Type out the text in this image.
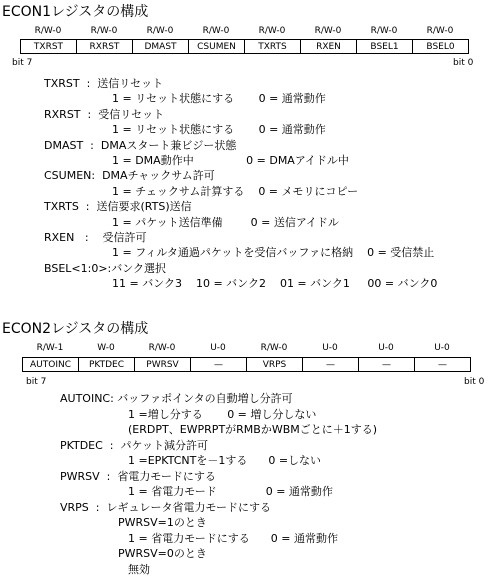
ECON1レジスタの構成
R/W-0	R/W-0	R/W-0	R/W-0	R/W-0	R/W-0	R/W-0	R/W-0
TXRST	RXRST	DMAST	CSUMEN	TXRTS	RXEN	BSEL1	BSEL0
bit 7	bit 0
TXRST  :  送信リセット
1 = リセット状態にする       0 = 通常動作
RXRST  :  受信リセット
1 = リセット状態にする       0 = 通常動作
DMAST  :  DMAスタート兼ビジー状態
1 = DMA動作中               0 = DMAアイドル中
CSUMEN:  DMAチャックサム許可
1 = チェックサム計算する    0 = メモリにコピー
TXRTS  :  送信要求(RTS)送信
1 = パケット送信準備        0 = 送信アイドル
RXEN   :    受信許可
1 = フィルタ通過パケットを受信バッファに格納    0 = 受信禁止
BSEL<1:0>:バンク選択
11 = バンク3    10 = バンク2    01 = バンク1     00 = バンク0
ECON2レジスタの構成
R/W-1	W-0	R/W-0	U-0	R/W-0	U-0	U-0	U-0
AUTOINC	PKTDEC	PWRSV	—	VRPS	—	—	—
bit 7	bit 0
AUTOINC: バッファポインタの自動増し分許可
1 =増し分する       0 = 増し分しない
(ERDPT、EWPRPTがRMBかWBMごとに＋1する)
PKTDEC  :  パケット減分許可
1 =EPKTCNTを－1する      0 =しない
PWRSV  :  省電力モードにする
1 = 省電力モード              0 = 通常動作
VRPS  :  レギュレータ省電力モードにする
PWRSV=1のとき
1 = 省電力モードにする      0 = 通常動作
PWRSV=0のとき
無効
